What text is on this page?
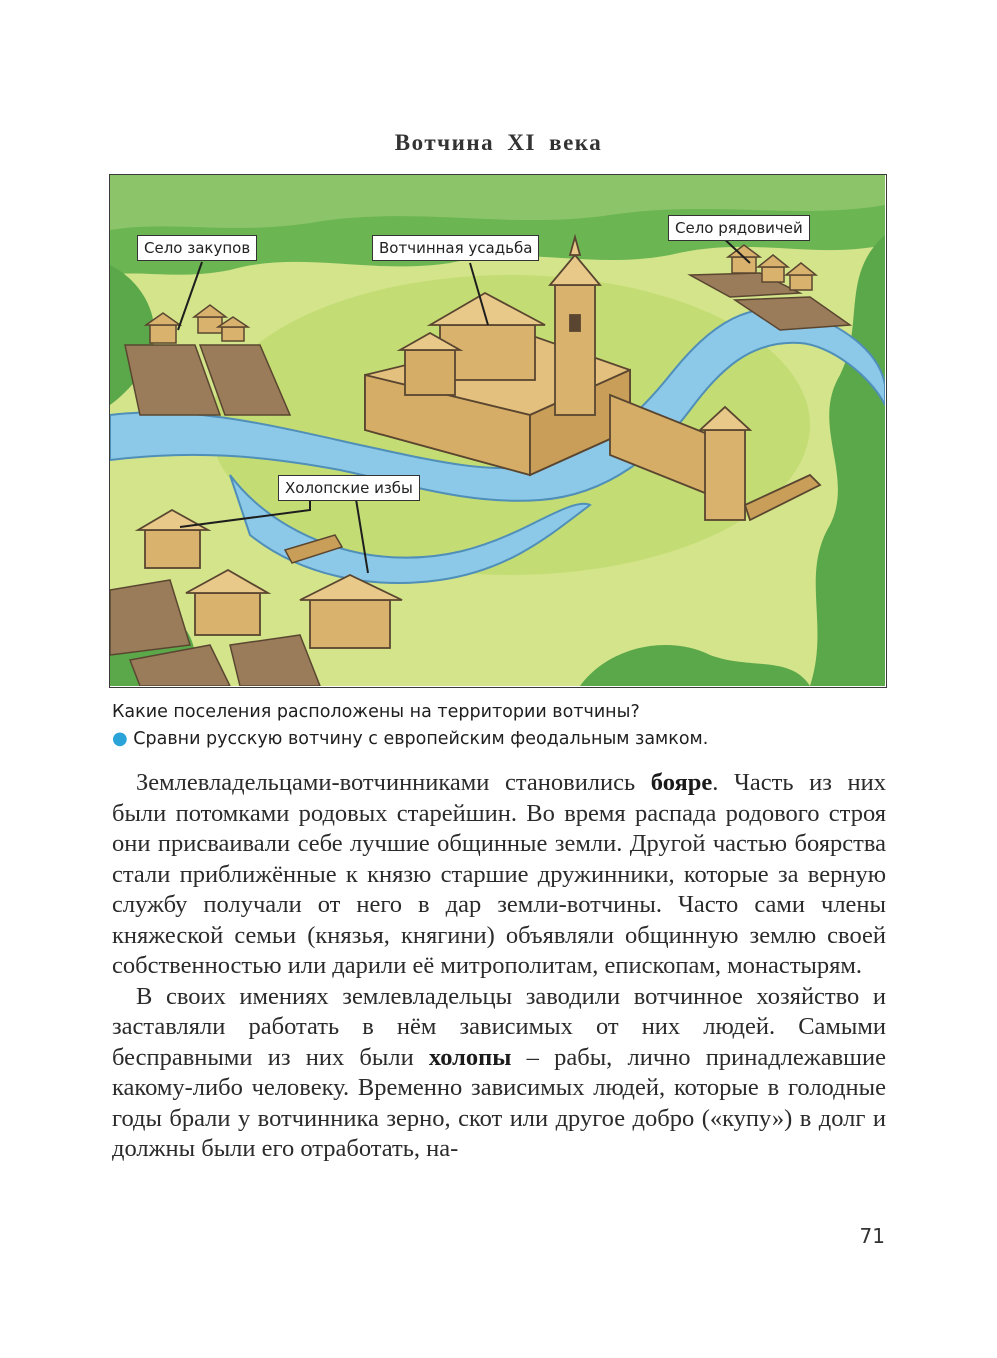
Вотчина XI века
Село закупов	Вотчинная усадьба
Село рядовичей
Холопские избы
Какие поселения расположены на территории вотчины?
● Сравни русскую вотчину с европейским феодальным замком.

Землевладельцами-вотчинниками становились бояре. Часть из них были потомками родовых старейшин. Во время распада родового строя они присваивали себе лучшие общинные земли. Другой частью боярства стали приближённые к князю старшие дружинники, которые за верную службу получали от него в дар земли-вотчины. Часто сами члены княжеской семьи (князья, княгини) объявляли общинную землю своей собственностью или дарили её митрополитам, епископам, монастырям.

В своих имениях землевладельцы заводили вотчинное хозяйство и заставляли работать в нём зависимых от них людей. Самыми бесправными из них были холопы – рабы, лично принадлежавшие какому-либо человеку. Временно зависимых людей, которые в голодные годы брали у вотчинника зерно, скот или другое добро («купу») в долг и должны были его отработать, на-

71
